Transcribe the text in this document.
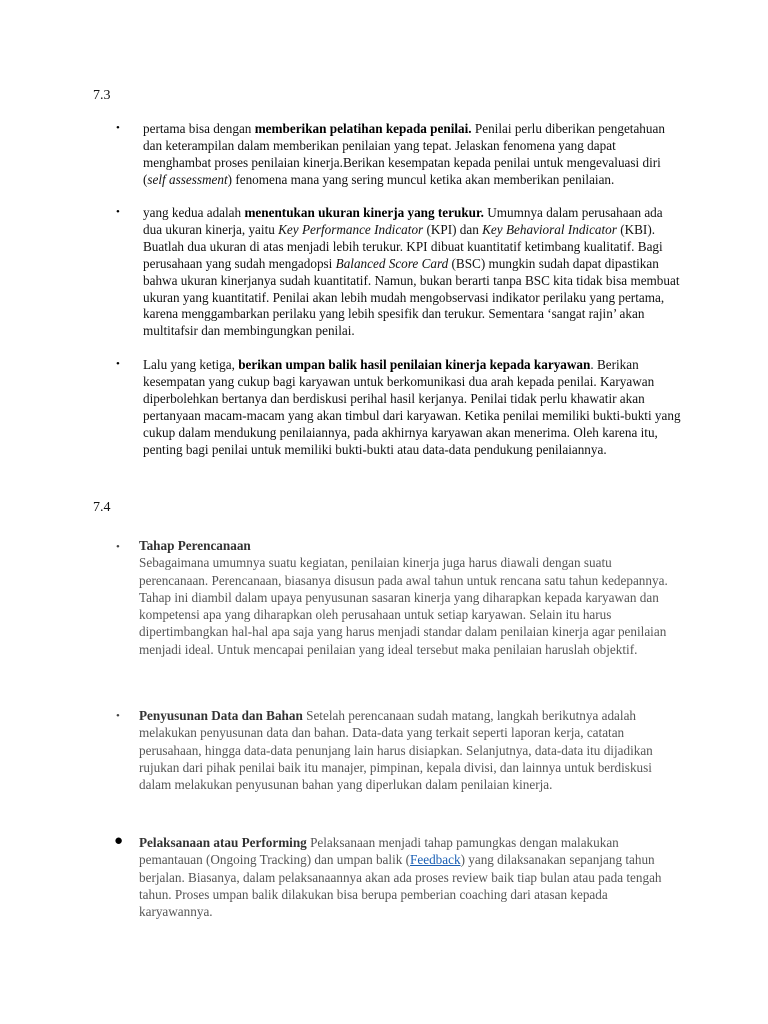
7.3
• pertama bisa dengan memberikan pelatihan kepada penilai. Penilai perlu diberikan pengetahuan dan keterampilan dalam memberikan penilaian yang tepat. Jelaskan fenomena yang dapat menghambat proses penilaian kinerja.Berikan kesempatan kepada penilai untuk mengevaluasi diri (self assessment) fenomena mana yang sering muncul ketika akan memberikan penilaian.
• yang kedua adalah menentukan ukuran kinerja yang terukur. Umumnya dalam perusahaan ada dua ukuran kinerja, yaitu Key Performance Indicator (KPI) dan Key Behavioral Indicator (KBI). Buatlah dua ukuran di atas menjadi lebih terukur. KPI dibuat kuantitatif ketimbang kualitatif. Bagi perusahaan yang sudah mengadopsi Balanced Score Card (BSC) mungkin sudah dapat dipastikan bahwa ukuran kinerjanya sudah kuantitatif. Namun, bukan berarti tanpa BSC kita tidak bisa membuat ukuran yang kuantitatif. Penilai akan lebih mudah mengobservasi indikator perilaku yang pertama, karena menggambarkan perilaku yang lebih spesifik dan terukur. Sementara ‘sangat rajin’ akan multitafsir dan membingungkan penilai.
• Lalu yang ketiga, berikan umpan balik hasil penilaian kinerja kepada karyawan. Berikan kesempatan yang cukup bagi karyawan untuk berkomunikasi dua arah kepada penilai. Karyawan diperbolehkan bertanya dan berdiskusi perihal hasil kerjanya. Penilai tidak perlu khawatir akan pertanyaan macam-macam yang akan timbul dari karyawan. Ketika penilai memiliki bukti-bukti yang cukup dalam mendukung penilaiannya, pada akhirnya karyawan akan menerima. Oleh karena itu, penting bagi penilai untuk memiliki bukti-bukti atau data-data pendukung penilaiannya.
7.4
• Tahap Perencanaan
Sebagaimana umumnya suatu kegiatan, penilaian kinerja juga harus diawali dengan suatu perencanaan. Perencanaan, biasanya disusun pada awal tahun untuk rencana satu tahun kedepannya. Tahap ini diambil dalam upaya penyusunan sasaran kinerja yang diharapkan kepada karyawan dan kompetensi apa yang diharapkan oleh perusahaan untuk setiap karyawan. Selain itu harus dipertimbangkan hal-hal apa saja yang harus menjadi standar dalam penilaian kinerja agar penilaian menjadi ideal. Untuk mencapai penilaian yang ideal tersebut maka penilaian haruslah objektif.
• Penyusunan Data dan Bahan Setelah perencanaan sudah matang, langkah berikutnya adalah melakukan penyusunan data dan bahan. Data-data yang terkait seperti laporan kerja, catatan perusahaan, hingga data-data penunjang lain harus disiapkan. Selanjutnya, data-data itu dijadikan rujukan dari pihak penilai baik itu manajer, pimpinan, kepala divisi, dan lainnya untuk berdiskusi dalam melakukan penyusunan bahan yang diperlukan dalam penilaian kinerja.
● Pelaksanaan atau Performing Pelaksanaan menjadi tahap pamungkas dengan malakukan pemantauan (Ongoing Tracking) dan umpan balik (Feedback) yang dilaksanakan sepanjang tahun berjalan. Biasanya, dalam pelaksanaannya akan ada proses review baik tiap bulan atau pada tengah tahun. Proses umpan balik dilakukan bisa berupa pemberian coaching dari atasan kepada karyawannya.
